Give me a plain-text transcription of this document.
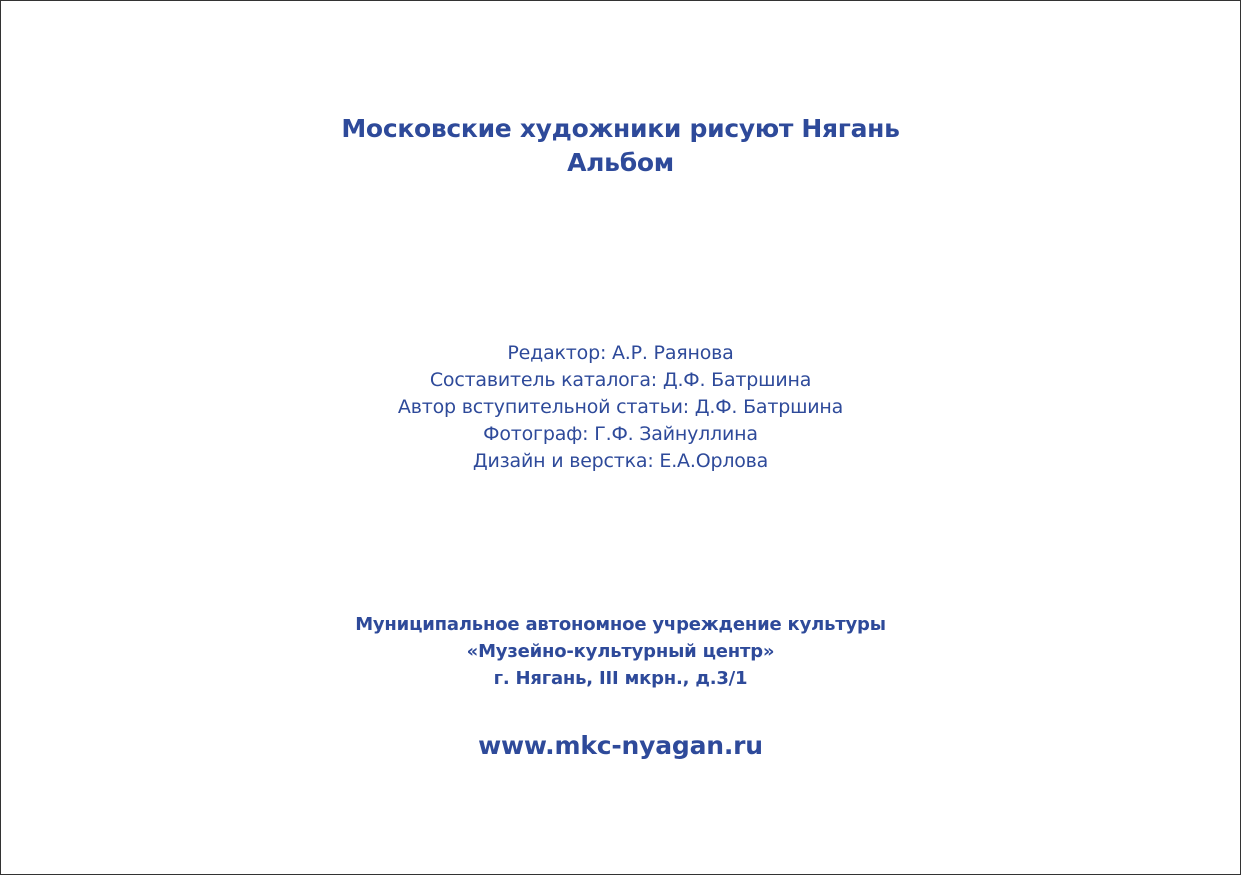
Московские художники рисуют Нягань
Альбом
Редактор: А.Р. Раянова
Составитель каталога: Д.Ф. Батршина
Автор вступительной статьи: Д.Ф. Батршина
Фотограф: Г.Ф. Зайнуллина
Дизайн и верстка: Е.А.Орлова
Муниципальное автономное учреждение культуры
«Музейно-культурный центр»
г. Нягань, III мкрн., д.3/1
www.mkc-nyagan.ru
